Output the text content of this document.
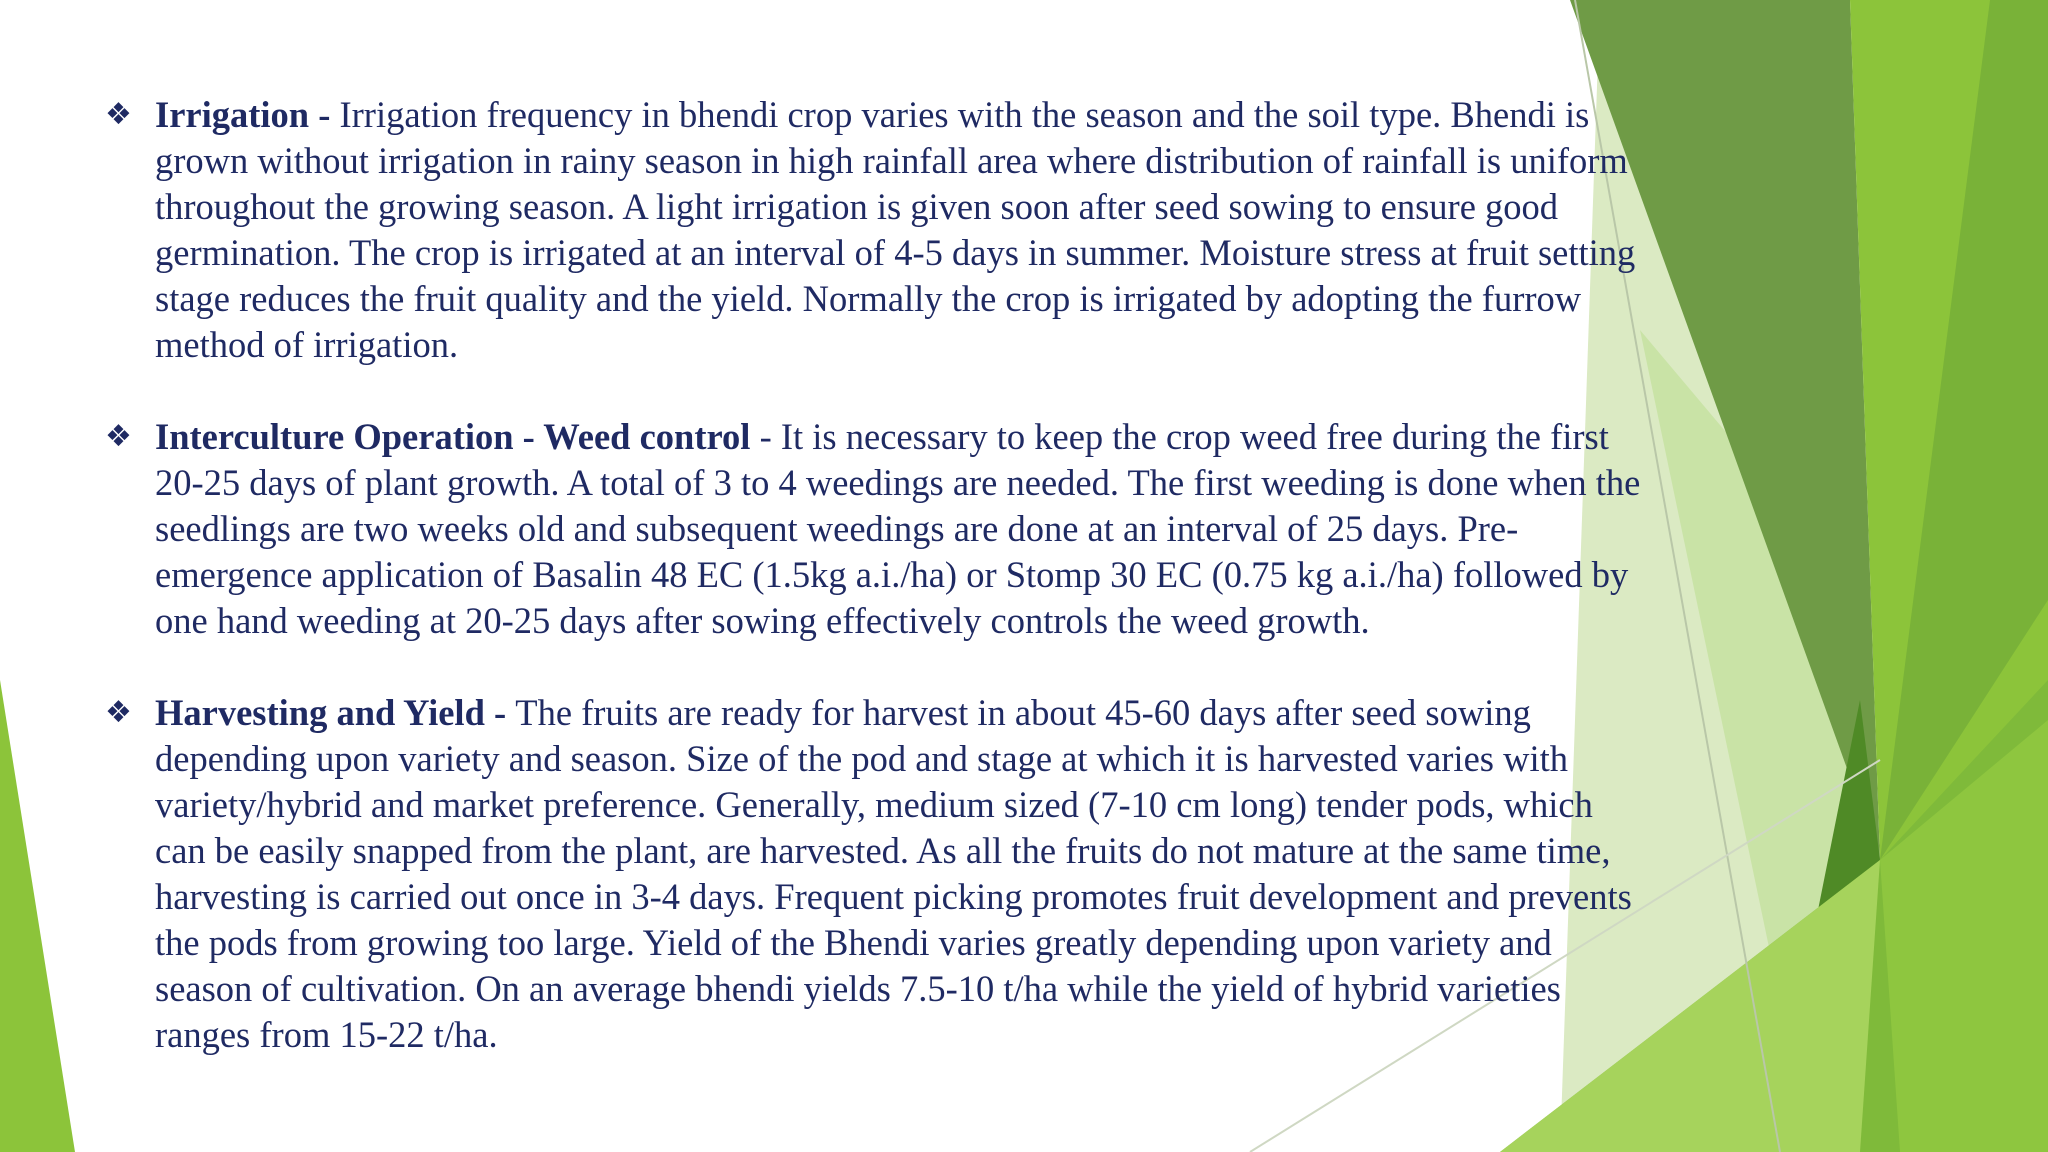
❖ Irrigation - Irrigation frequency in bhendi crop varies with the season and the soil type. Bhendi is grown without irrigation in rainy season in high rainfall area where distribution of rainfall is uniform throughout the growing season. A light irrigation is given soon after seed sowing to ensure good germination. The crop is irrigated at an interval of 4-5 days in summer. Moisture stress at fruit setting stage reduces the fruit quality and the yield. Normally the crop is irrigated by adopting the furrow method of irrigation.
❖ Interculture Operation - Weed control - It is necessary to keep the crop weed free during the first 20-25 days of plant growth. A total of 3 to 4 weedings are needed. The first weeding is done when the seedlings are two weeks old and subsequent weedings are done at an interval of 25 days. Pre-emergence application of Basalin 48 EC (1.5kg a.i./ha) or Stomp 30 EC (0.75 kg a.i./ha) followed by one hand weeding at 20-25 days after sowing effectively controls the weed growth.
❖ Harvesting and Yield - The fruits are ready for harvest in about 45-60 days after seed sowing depending upon variety and season. Size of the pod and stage at which it is harvested varies with variety/hybrid and market preference. Generally, medium sized (7-10 cm long) tender pods, which can be easily snapped from the plant, are harvested. As all the fruits do not mature at the same time, harvesting is carried out once in 3-4 days. Frequent picking promotes fruit development and prevents the pods from growing too large. Yield of the Bhendi varies greatly depending upon variety and season of cultivation. On an average bhendi yields 7.5-10 t/ha while the yield of hybrid varieties ranges from 15-22 t/ha.
